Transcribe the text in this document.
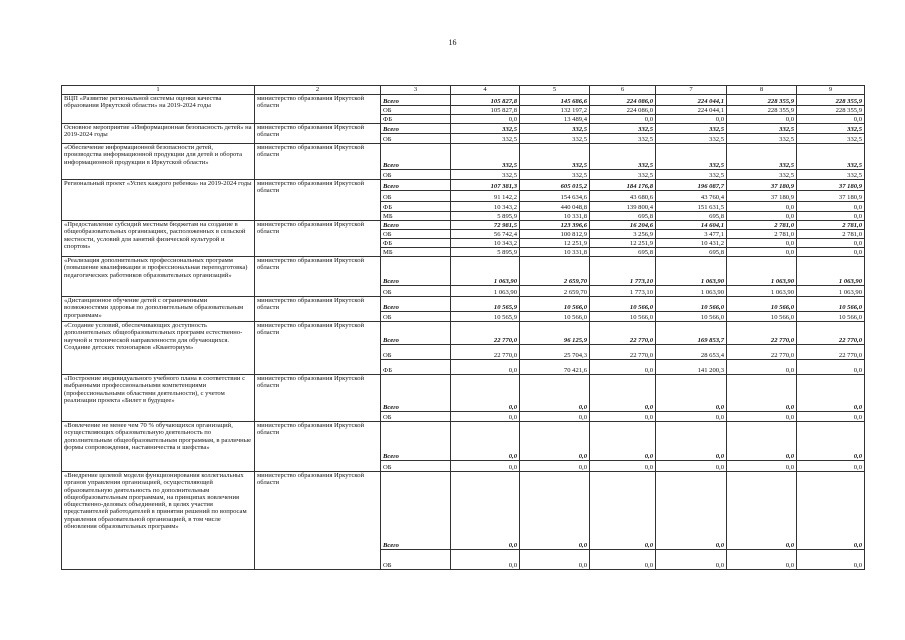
16
1	2	3	4	5	6	7	8	9
ВЦП «Развитие региональной системы оценки качества образования Иркутской области» на 2019-2024 годы	министерство образования Иркутской области	Всего	105 827,8	145 686,6	224 086,0	224 044,1	228 355,9	228 355,9
		ОБ	105 827,8	132 197,2	224 086,0	224 044,1	228 355,9	228 355,9
		ФБ	0,0	13 489,4	0,0	0,0	0,0	0,0
Основное мероприятие «Информационная безопасность детей» на 2019-2024 годы	министерство образования Иркутской области	Всего	332,5	332,5	332,5	332,5	332,5	332,5
		ОБ	332,5	332,5	332,5	332,5	332,5	332,5
«Обеспечение информационной безопасности детей, производства информационной продукции для детей и оборота информационной продукции в Иркутской области»	министерство образования Иркутской области	Всего	332,5	332,5	332,5	332,5	332,5	332,5
		ОБ	332,5	332,5	332,5	332,5	332,5	332,5
Региональный проект «Успех каждого ребенка» на 2019-2024 годы	министерство образования Иркутской области	Всего	107 381,3	605 015,2	184 176,8	196 087,7	37 180,9	37 180,9
		ОБ	91 142,2	154 634,6	43 680,6	43 760,4	37 180,9	37 180,9
		ФБ	10 343,2	440 048,8	139 800,4	151 631,5	0,0	0,0
		МБ	5 895,9	10 331,8	695,8	695,8	0,0	0,0
«Предоставление субсидий местным бюджетам на создание в общеобразовательных организациях, расположенных в сельской местности, условий для занятий физической культурой и спортом»	министерство образования Иркутской области	Всего	72 981,5	123 396,6	16 204,6	14 604,1	2 781,0	2 781,0
		ОБ	56 742,4	100 812,9	3 256,9	3 477,1	2 781,0	2 781,0
		ФБ	10 343,2	12 251,9	12 251,9	10 431,2	0,0	0,0
		МБ	5 895,9	10 331,8	695,8	695,8	0,0	0,0
«Реализация дополнительных профессиональных программ (повышение квалификации и профессиональная переподготовка) педагогических работников образовательных организаций»	министерство образования Иркутской области	Всего	1 063,90	2 659,70	1 773,10	1 063,90	1 063,90	1 063,90
		ОБ	1 063,90	2 659,70	1 773,10	1 063,90	1 063,90	1 063,90
«Дистанционное обучение детей с ограниченными возможностями здоровья по дополнительным образовательным программам»	министерство образования Иркутской области	Всего	10 565,9	10 566,0	10 566,0	10 566,0	10 566,0	10 566,0
		ОБ	10 565,9	10 566,0	10 566,0	10 566,0	10 566,0	10 566,0
«Создание условий, обеспечивающих доступность дополнительных общеобразовательных программ естественно-научной и технической направленности для обучающихся. Создание детских технопарков «Кванториум»	министерство образования Иркутской области	Всего	22 770,0	96 125,9	22 770,0	169 853,7	22 770,0	22 770,0
		ОБ	22 770,0	25 704,3	22 770,0	28 653,4	22 770,0	22 770,0
		ФБ	0,0	70 421,6	0,0	141 200,3	0,0	0,0
«Построение индивидуального учебного плана в соответствии с выбранными профессиональными компетенциями (профессиональными областями деятельности), с учетом реализации проекта «Билет в будущее»	министерство образования Иркутской области	Всего	0,0	0,0	0,0	0,0	0,0	0,0
		ОБ	0,0	0,0	0,0	0,0	0,0	0,0
«Вовлечение не менее чем 70 % обучающихся организаций, осуществляющих образовательную деятельность по дополнительным общеобразовательным программам, в различные формы сопровождения, наставничества и шефства»	министерство образования Иркутской области	Всего	0,0	0,0	0,0	0,0	0,0	0,0
		ОБ	0,0	0,0	0,0	0,0	0,0	0,0
«Внедрение целевой модели функционирования коллегиальных органов управления организацией, осуществляющей образовательную деятельность по дополнительным общеобразовательным программам, на принципах вовлечения общественно-деловых объединений, в целях участия представителей работодателей в принятии решений по вопросам управления образовательной организацией, в том числе обновления образовательных программ»	министерство образования Иркутской области	Всего	0,0	0,0	0,0	0,0	0,0	0,0
		ОБ	0,0	0,0	0,0	0,0	0,0	0,0
